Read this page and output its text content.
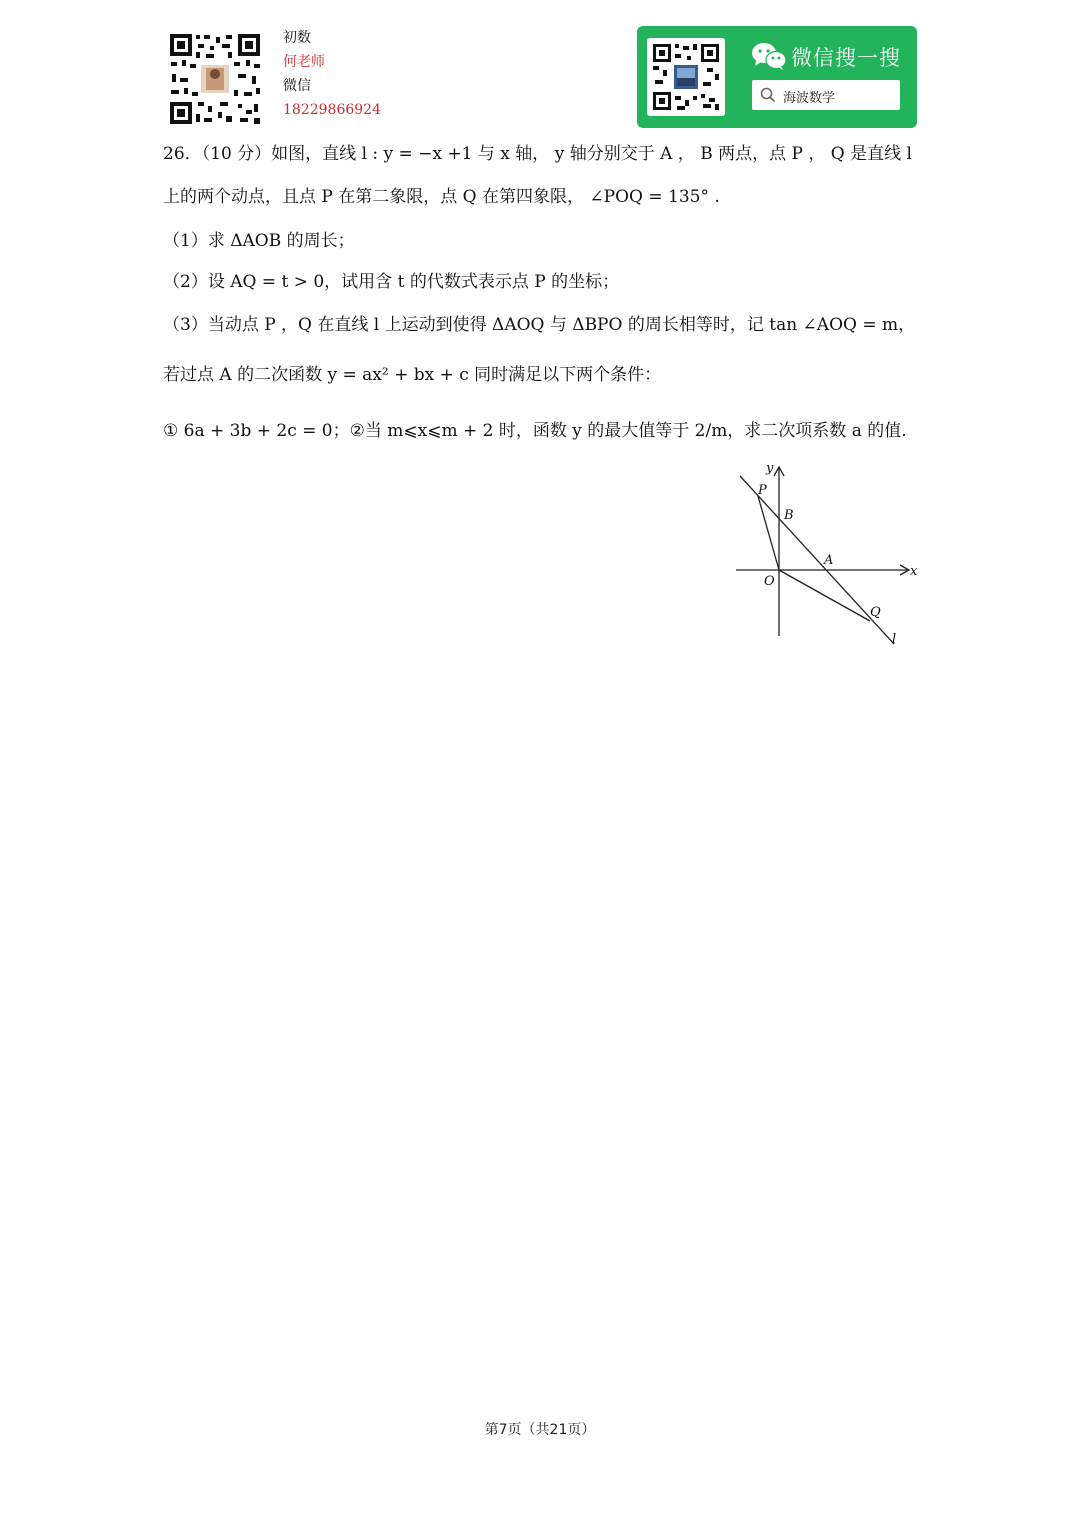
初数
何老师
微信
18229866924
微信搜一搜
海波数学
26．（10 分）如图，直线 l : y = −x +1 与 x 轴， y 轴分别交于 A ， B 两点，点 P ， Q 是直线 l
上的两个动点，且点 P 在第二象限，点 Q 在第四象限， ∠POQ = 135° .
（1）求 ΔAOB 的周长；
（2）设 AQ = t > 0，试用含 t 的代数式表示点 P 的坐标；
（3）当动点 P ，Q 在直线 l 上运动到使得 ΔAOQ 与 ΔBPO 的周长相等时，记 tan ∠AOQ = m，
若过点 A 的二次函数 y = ax² + bx + c 同时满足以下两个条件：
① 6a + 3b + 2c = 0；②当 m⩽x⩽m + 2 时，函数 y 的最大值等于 2/m，求二次项系数 a 的值.
y
x
P
B
A
O
Q
l
第7页（共21页）
